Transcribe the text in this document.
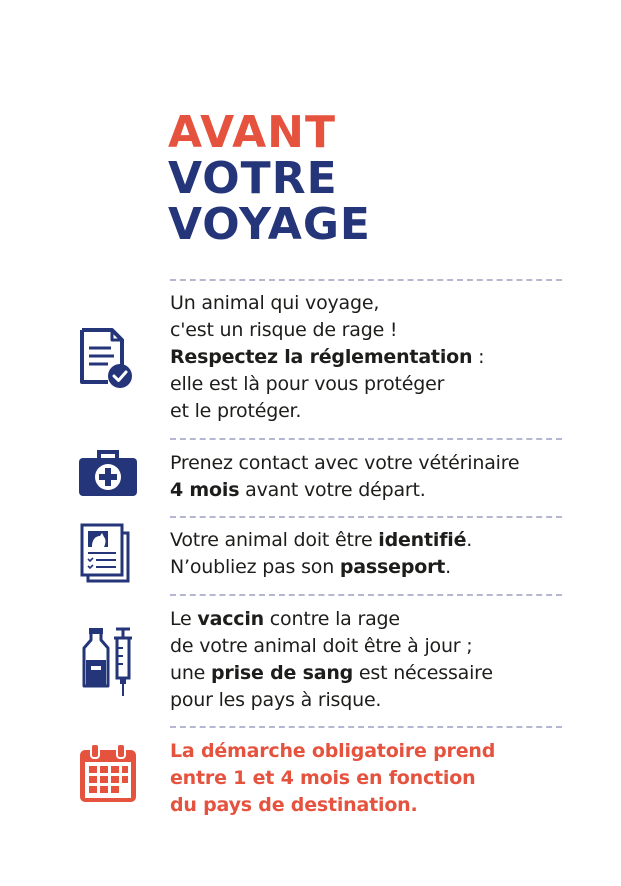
AVANT
VOTRE
VOYAGE
Un animal qui voyage,
c'est un risque de rage !
Respectez la réglementation :
elle est là pour vous protéger
et le protéger.
Prenez contact avec votre vétérinaire
4 mois avant votre départ.
Votre animal doit être identifié.
N’oubliez pas son passeport.
Le vaccin contre la rage
de votre animal doit être à jour ;
une prise de sang est nécessaire
pour les pays à risque.
La démarche obligatoire prend
entre 1 et 4 mois en fonction
du pays de destination.
